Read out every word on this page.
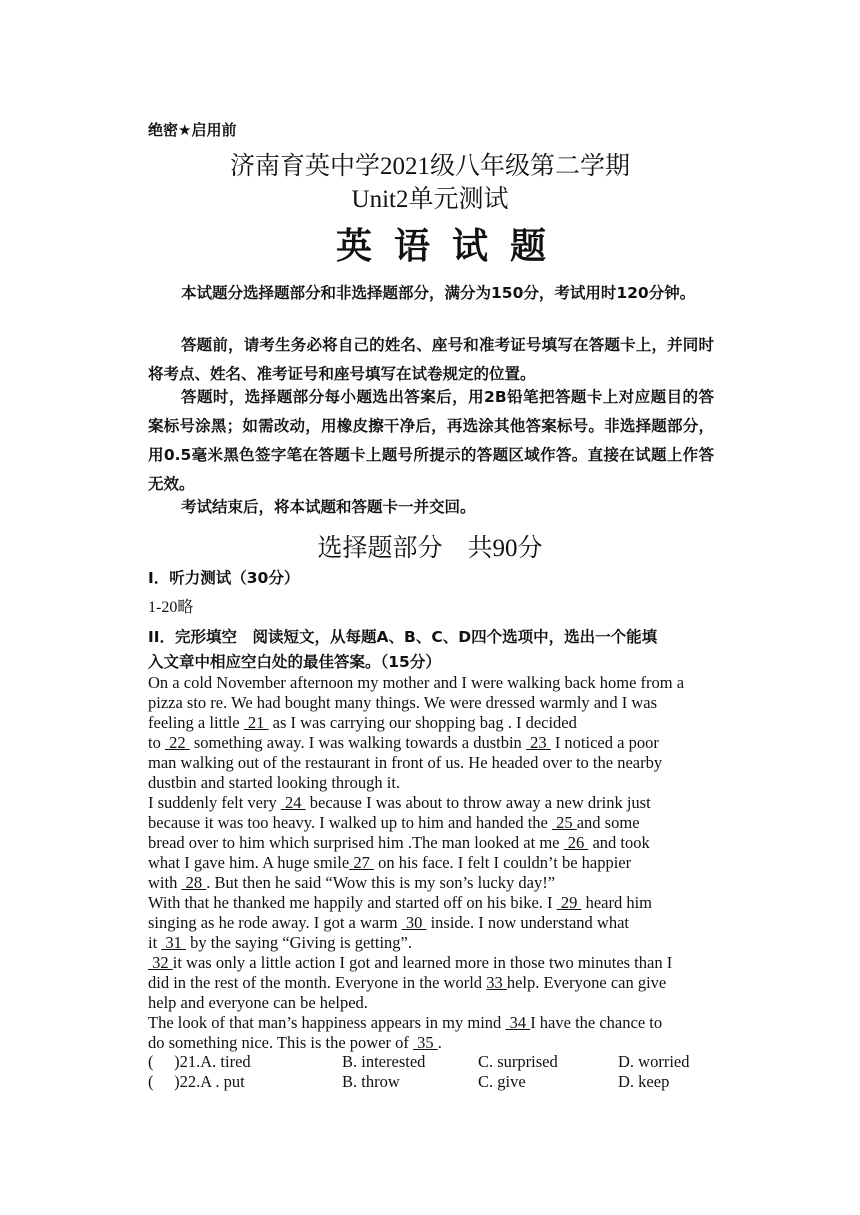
绝密★启用前
济南育英中学2021级八年级第二学期
Unit2单元测试
英语试题
本试题分选择题部分和非选择题部分，满分为150分，考试用时120分钟。
答题前，请考生务必将自己的姓名、座号和准考证号填写在答题卡上，并同时将考点、姓名、准考证号和座号填写在试卷规定的位置。
答题时，选择题部分每小题选出答案后，用2B铅笔把答题卡上对应题目的答案标号涂黑；如需改动，用橡皮擦干净后，再选涂其他答案标号。非选择题部分，用0.5毫米黑色签字笔在答题卡上题号所提示的答题区域作答。直接在试题上作答无效。
考试结束后，将本试题和答题卡一并交回。
选择题部分　共90分
I．听力测试（30分）
1-20略
II．完形填空　阅读短文，从每题A、B、C、D四个选项中，选出一个能填
入文章中相应空白处的最佳答案。（15分）
On a cold November afternoon my mother and I were walking back home from a
pizza sto re. We had bought many things. We were dressed warmly and I was
feeling a little  21  as I was carrying our shopping bag . I decided
to  22  something away. I was walking towards a dustbin  23  I noticed a poor
man walking out of the restaurant in front of us. He headed over to the nearby
dustbin and started looking through it.
I suddenly felt very  24  because I was about to throw away a new drink just
because it was too heavy. I walked up to him and handed the  25 and some
bread over to him which surprised him .The man looked at me  26  and took
what I gave him. A huge smile 27  on his face. I felt I couldn’t be happier
with  28 . But then he said “Wow this is my son’s lucky day!”
With that he thanked me happily and started off on his bike. I  29  heard him
singing as he rode away. I got a warm  30  inside. I now understand what
it  31  by the saying “Giving is getting”.
32 it was only a little action I got and learned more in those two minutes than I
did in the rest of the month. Everyone in the world 33 help. Everyone can give
help and everyone can be helped.
The look of that man’s happiness appears in my mind  34 I have the chance to
do something nice. This is the power of  35 .
(　 )21.A. tired	B. interested	C. surprised	D. worried
(　 )22.A . put	B. throw	C. give	D. keep
